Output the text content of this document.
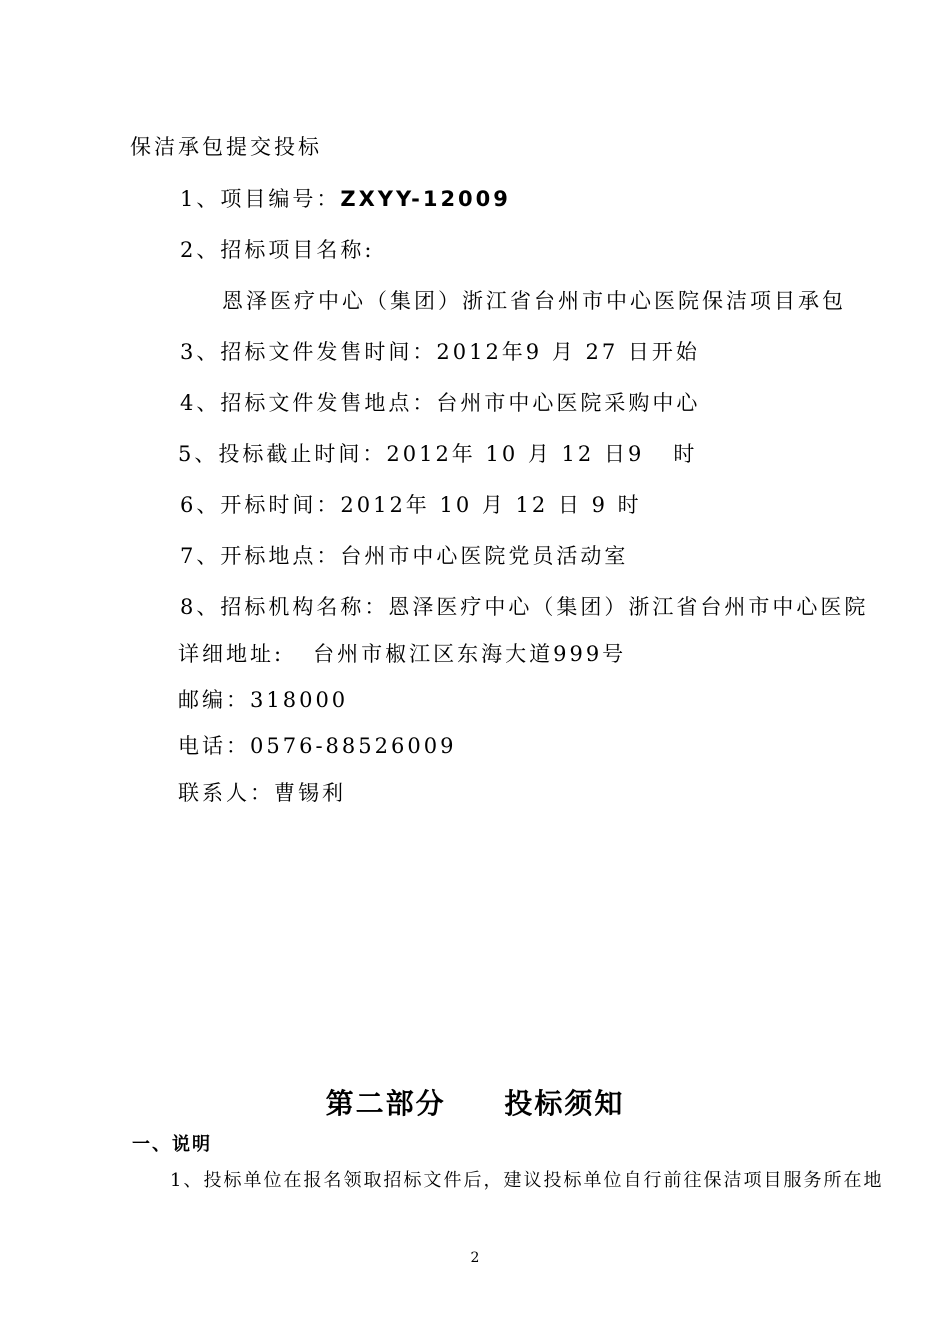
保洁承包提交投标

1、项目编号：ZXYY-12009

2、招标项目名称:

恩泽医疗中心（集团）浙江省台州市中心医院保洁项目承包

3、招标文件发售时间：2012年9 月 27 日开始

4、招标文件发售地点：台州市中心医院采购中心

5、投标截止时间：2012年 10 月 12 日9   时

6、开标时间：2012年 10 月 12 日 9 时

7、开标地点：台州市中心医院党员活动室

8、招标机构名称：恩泽医疗中心（集团）浙江省台州市中心医院

详细地址:   台州市椒江区东海大道999号

邮编：318000

电话：0576-88526009

联系人：曹锡利

第二部分     投标须知
一、说明
1、投标单位在报名领取招标文件后，建议投标单位自行前往保洁项目服务所在地
2
